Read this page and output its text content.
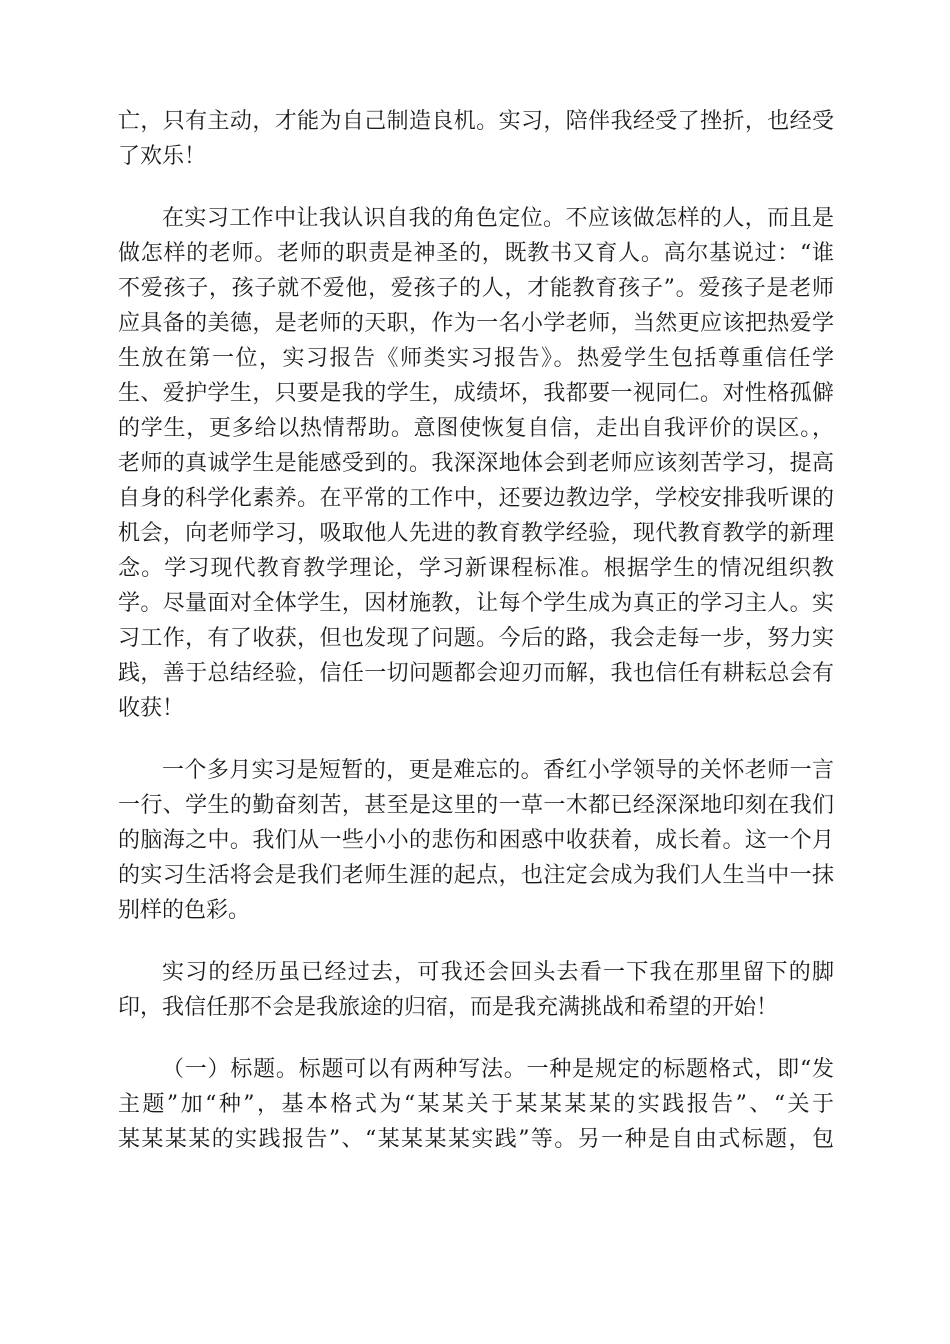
亡，只有主动，才能为自己制造良机。实习，陪伴我经受了挫折，也经受
了欢乐！
在实习工作中让我认识自我的角色定位。不应该做怎样的人，而且是
做怎样的老师。老师的职责是神圣的，既教书又育人。高尔基说过：“谁
不爱孩子，孩子就不爱他，爱孩子的人，才能教育孩子”。爱孩子是老师
应具备的美德，是老师的天职，作为一名小学老师，当然更应该把热爱学
生放在第一位，实习报告《师类实习报告》。热爱学生包括尊重信任学
生、爱护学生，只要是我的学生，成绩坏，我都要一视同仁。对性格孤僻
的学生，更多给以热情帮助。意图使恢复自信，走出自我评价的误区。，
老师的真诚学生是能感受到的。我深深地体会到老师应该刻苦学习，提高
自身的科学化素养。在平常的工作中，还要边教边学，学校安排我听课的
机会，向老师学习，吸取他人先进的教育教学经验，现代教育教学的新理
念。学习现代教育教学理论，学习新课程标准。根据学生的情况组织教
学。尽量面对全体学生，因材施教，让每个学生成为真正的学习主人。实
习工作，有了收获，但也发现了问题。今后的路，我会走每一步，努力实
践，善于总结经验，信任一切问题都会迎刃而解，我也信任有耕耘总会有
收获！
一个多月实习是短暂的，更是难忘的。香红小学领导的关怀老师一言
一行、学生的勤奋刻苦，甚至是这里的一草一木都已经深深地印刻在我们
的脑海之中。我们从一些小小的悲伤和困惑中收获着，成长着。这一个月
的实习生活将会是我们老师生涯的起点，也注定会成为我们人生当中一抹
别样的色彩。
实习的经历虽已经过去，可我还会回头去看一下我在那里留下的脚
印，我信任那不会是我旅途的归宿，而是我充满挑战和希望的开始！
（一）标题。标题可以有两种写法。一种是规定的标题格式，即“发
主题”加“种”，基本格式为“某某关于某某某某的实践报告”、“关于
某某某某的实践报告”、“某某某某实践”等。另一种是自由式标题，包
